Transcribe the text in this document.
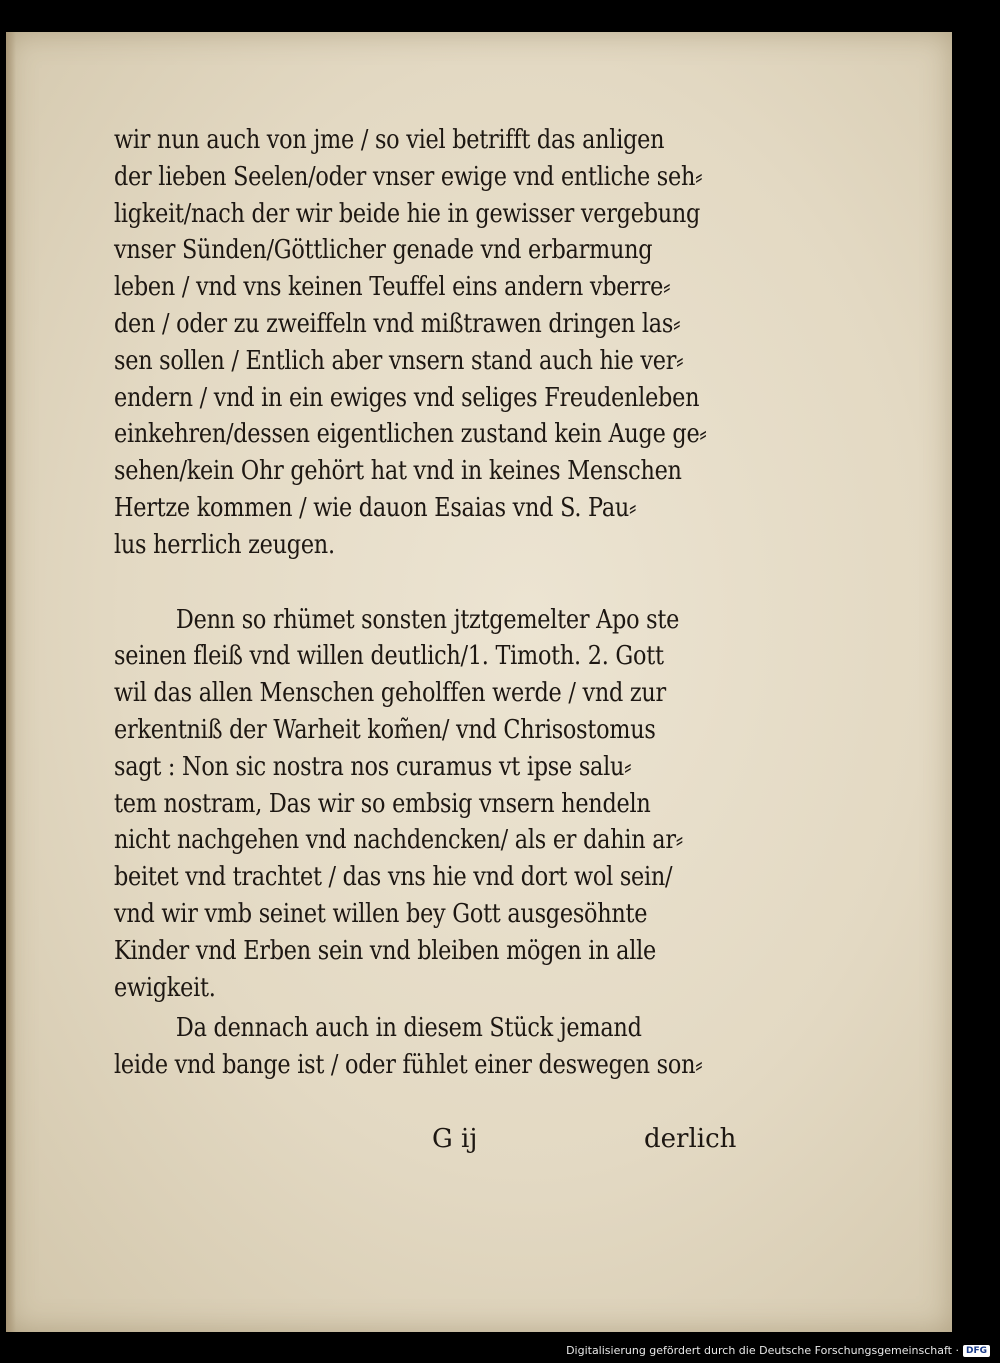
wir nun auch von jme / so viel betrifft das anligen
der lieben Seelen/oder vnser ewige vnd entliche seh⸗
ligkeit/nach der wir beide hie in gewisser vergebung
vnser Sünden/Göttlicher genade vnd erbarmung
leben / vnd vns keinen Teuffel eins andern vberre⸗
den / oder zu zweiffeln vnd mißtrawen dringen las⸗
sen sollen / Entlich aber vnsern stand auch hie ver⸗
endern / vnd in ein ewiges vnd seliges Freudenleben
einkehren/dessen eigentlichen zustand kein Auge ge⸗
sehen/kein Ohr gehört hat vnd in keines Menschen
Hertze kommen / wie dauon Esaias vnd S. Pau⸗
lus herrlich zeugen.
Denn so rhümet sonsten jtztgemelter Apo ste
seinen fleiß vnd willen deutlich/1. Timoth. 2. Gott
wil das allen Menschen geholffen werde / vnd zur
erkentniß der Warheit kom̃en/ vnd Chrisostomus
sagt : Non sic nostra nos curamus vt ipse salu⸗
tem nostram, Das wir so embsig vnsern hendeln
nicht nachgehen vnd nachdencken/ als er dahin ar⸗
beitet vnd trachtet / das vns hie vnd dort wol sein/
vnd wir vmb seinet willen bey Gott ausgesöhnte
Kinder vnd Erben sein vnd bleiben mögen in alle
ewigkeit.
Da dennach auch in diesem Stück jemand
leide vnd bange ist / oder fühlet einer deswegen son⸗
G ij	derlich
Digitalisierung gefördert durch die Deutsche Forschungsgemeinschaft · DFG
